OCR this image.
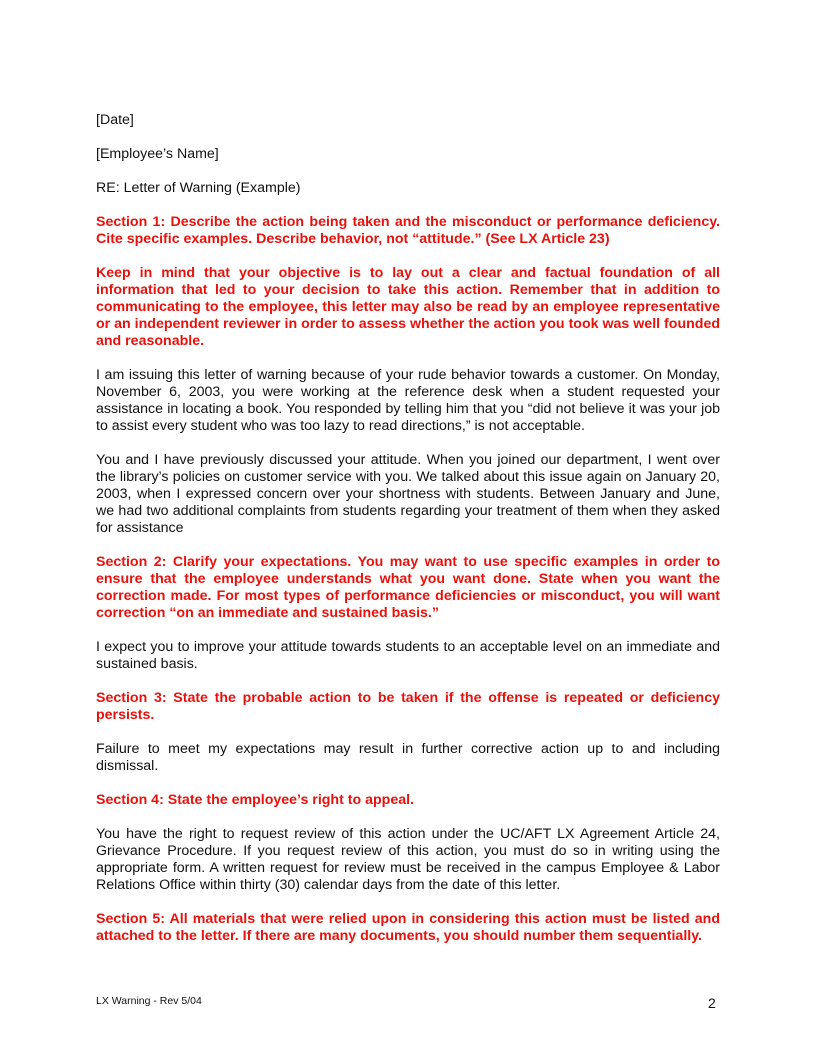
[Date]

[Employee’s Name]

RE: Letter of Warning (Example)

Section 1: Describe the action being taken and the misconduct or performance deficiency. Cite specific examples. Describe behavior, not “attitude.” (See LX Article 23)

Keep in mind that your objective is to lay out a clear and factual foundation of all information that led to your decision to take this action. Remember that in addition to communicating to the employee, this letter may also be read by an employee representative or an independent reviewer in order to assess whether the action you took was well founded and reasonable.

I am issuing this letter of warning because of your rude behavior towards a customer. On Monday, November 6, 2003, you were working at the reference desk when a student requested your assistance in locating a book. You responded by telling him that you “did not believe it was your job to assist every student who was too lazy to read directions,” is not acceptable.

You and I have previously discussed your attitude. When you joined our department, I went over the library’s policies on customer service with you. We talked about this issue again on January 20, 2003, when I expressed concern over your shortness with students. Between January and June, we had two additional complaints from students regarding your treatment of them when they asked for assistance

Section 2: Clarify your expectations. You may want to use specific examples in order to ensure that the employee understands what you want done. State when you want the correction made. For most types of performance deficiencies or misconduct, you will want correction “on an immediate and sustained basis.”

I expect you to improve your attitude towards students to an acceptable level on an immediate and sustained basis.

Section 3: State the probable action to be taken if the offense is repeated or deficiency persists.

Failure to meet my expectations may result in further corrective action up to and including dismissal.

Section 4: State the employee’s right to appeal.

You have the right to request review of this action under the UC/AFT LX Agreement Article 24, Grievance Procedure. If you request review of this action, you must do so in writing using the appropriate form. A written request for review must be received in the campus Employee & Labor Relations Office within thirty (30) calendar days from the date of this letter.

Section 5: All materials that were relied upon in considering this action must be listed and attached to the letter. If there are many documents, you should number them sequentially.

LX Warning - Rev 5/04	2
